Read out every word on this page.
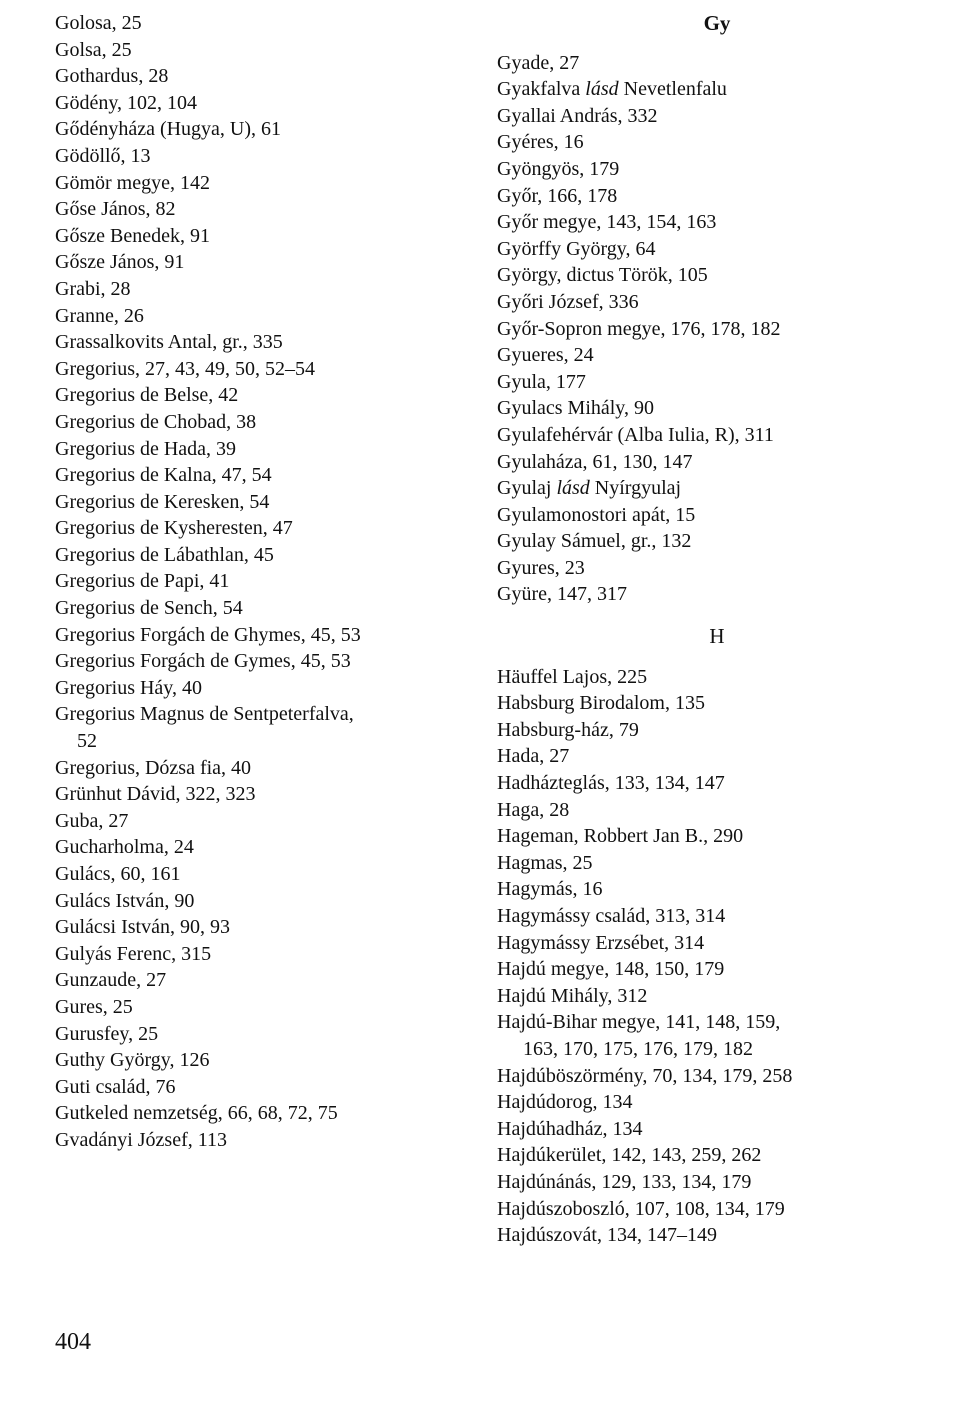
Golosa, 25
Golsa, 25
Gothardus, 28
Gödény, 102, 104
Gődényháza (Hugya, U), 61
Gödöllő, 13
Gömör megye, 142
Gőse János, 82
Gősze Benedek, 91
Gősze János, 91
Grabi, 28
Granne, 26
Grassalkovits Antal, gr., 335
Gregorius, 27, 43, 49, 50, 52–54
Gregorius de Belse, 42
Gregorius de Chobad, 38
Gregorius de Hada, 39
Gregorius de Kalna, 47, 54
Gregorius de Keresken, 54
Gregorius de Kysheresten, 47
Gregorius de Lábathlan, 45
Gregorius de Papi, 41
Gregorius de Sench, 54
Gregorius Forgách de Ghymes, 45, 53
Gregorius Forgách de Gymes, 45, 53
Gregorius Háy, 40
Gregorius Magnus de Sentpeterfalva,
52
Gregorius, Dózsa fia, 40
Grünhut Dávid, 322, 323
Guba, 27
Gucharholma, 24
Gulács, 60, 161
Gulács István, 90
Gulácsi István, 90, 93
Gulyás Ferenc, 315
Gunzaude, 27
Gures, 25
Gurusfey, 25
Guthy György, 126
Guti család, 76
Gutkeled nemzetség, 66, 68, 72, 75
Gvadányi József, 113
Gy
Gyade, 27
Gyakfalva lásd Nevetlenfalu
Gyallai András, 332
Gyéres, 16
Gyöngyös, 179
Győr, 166, 178
Győr megye, 143, 154, 163
Györffy György, 64
György, dictus Török, 105
Győri József, 336
Győr-Sopron megye, 176, 178, 182
Gyueres, 24
Gyula, 177
Gyulacs Mihály, 90
Gyulafehérvár (Alba Iulia, R), 311
Gyulaháza, 61, 130, 147
Gyulaj lásd Nyírgyulaj
Gyulamonostori apát, 15
Gyulay Sámuel, gr., 132
Gyures, 23
Gyüre, 147, 317
H
Häuffel Lajos, 225
Habsburg Birodalom, 135
Habsburg-ház, 79
Hada, 27
Hadházteglás, 133, 134, 147
Haga, 28
Hageman, Robbert Jan B., 290
Hagmas, 25
Hagymás, 16
Hagymássy család, 313, 314
Hagymássy Erzsébet, 314
Hajdú megye, 148, 150, 179
Hajdú Mihály, 312
Hajdú-Bihar megye, 141, 148, 159,
163, 170, 175, 176, 179, 182
Hajdúböszörmény, 70, 134, 179, 258
Hajdúdorog, 134
Hajdúhadház, 134
Hajdúkerület, 142, 143, 259, 262
Hajdúnánás, 129, 133, 134, 179
Hajdúszoboszló, 107, 108, 134, 179
Hajdúszovát, 134, 147–149
404
